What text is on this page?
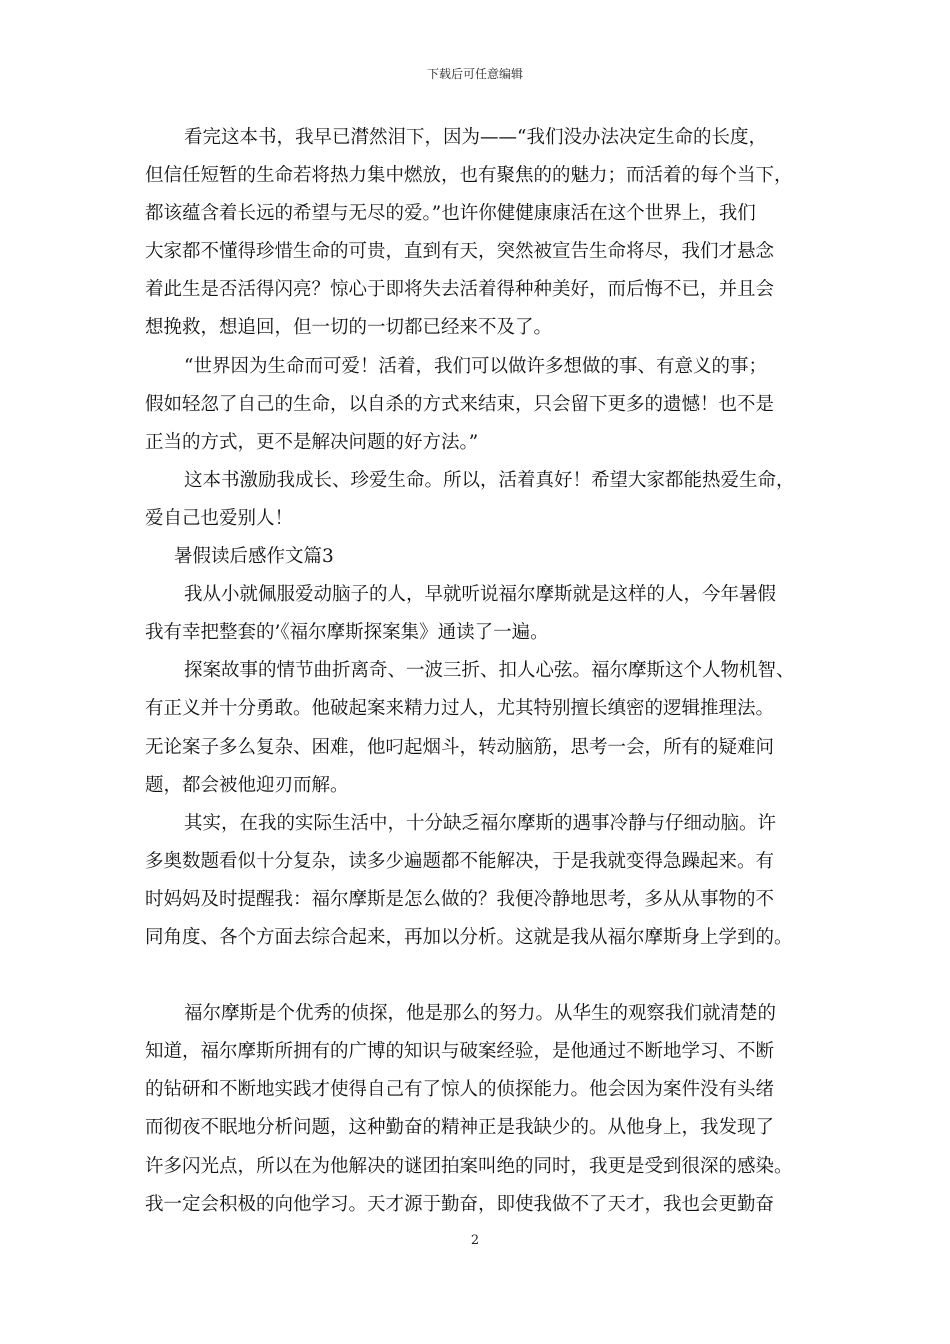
下载后可任意编辑
看完这本书，我早已潸然泪下，因为——“我们没办法决定生命的长度，
但信任短暂的生命若将热力集中燃放，也有聚焦的的魅力；而活着的每个当下，
都该蕴含着长远的希望与无尽的爱。”也许你健健康康活在这个世界上，我们
大家都不懂得珍惜生命的可贵，直到有天，突然被宣告生命将尽，我们才悬念
着此生是否活得闪亮？惊心于即将失去活着得种种美好，而后悔不已，并且会
想挽救，想追回，但一切的一切都已经来不及了。
“世界因为生命而可爱！活着，我们可以做许多想做的事、有意义的事；
假如轻忽了自己的生命，以自杀的方式来结束，只会留下更多的遗憾！也不是
正当的方式，更不是解决问题的好方法。”
这本书激励我成长、珍爱生命。所以，活着真好！希望大家都能热爱生命，
爱自己也爱别人！
暑假读后感作文篇3
我从小就佩服爱动脑子的人，早就听说福尔摩斯就是这样的人，今年暑假
我有幸把整套的’《福尔摩斯探案集》通读了一遍。
探案故事的情节曲折离奇、一波三折、扣人心弦。福尔摩斯这个人物机智、
有正义并十分勇敢。他破起案来精力过人，尤其特别擅长缜密的逻辑推理法。
无论案子多么复杂、困难，他叼起烟斗，转动脑筋，思考一会，所有的疑难问
题，都会被他迎刃而解。
其实，在我的实际生活中，十分缺乏福尔摩斯的遇事冷静与仔细动脑。许
多奥数题看似十分复杂，读多少遍题都不能解决，于是我就变得急躁起来。有
时妈妈及时提醒我：福尔摩斯是怎么做的？我便冷静地思考，多从从事物的不
同角度、各个方面去综合起来，再加以分析。这就是我从福尔摩斯身上学到的。
福尔摩斯是个优秀的侦探，他是那么的努力。从华生的观察我们就清楚的
知道，福尔摩斯所拥有的广博的知识与破案经验，是他通过不断地学习、不断
的钻研和不断地实践才使得自己有了惊人的侦探能力。他会因为案件没有头绪
而彻夜不眠地分析问题，这种勤奋的精神正是我缺少的。从他身上，我发现了
许多闪光点，所以在为他解决的谜团拍案叫绝的同时，我更是受到很深的感染。
我一定会积极的向他学习。天才源于勤奋，即使我做不了天才，我也会更勤奋
2
